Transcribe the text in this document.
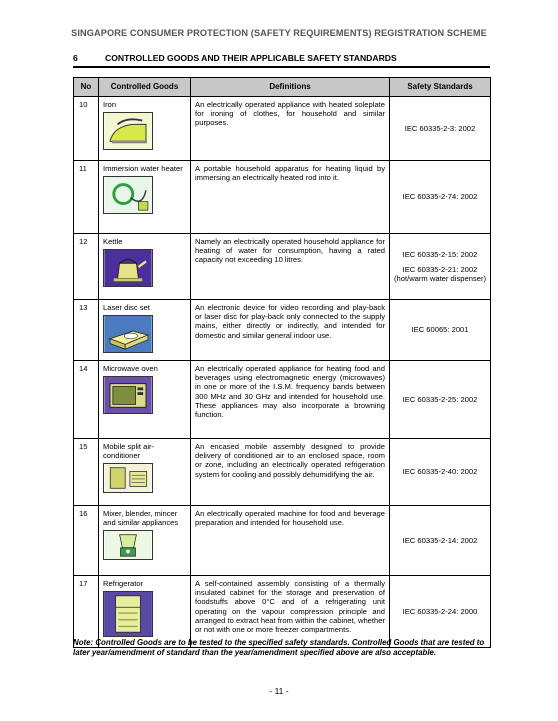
SINGAPORE CONSUMER PROTECTION (SAFETY REQUIREMENTS) REGISTRATION SCHEME
6	CONTROLLED GOODS AND THEIR APPLICABLE SAFETY STANDARDS
No	Controlled Goods	Definitions	Safety Standards
10	Iron	An electrically operated appliance with heated soleplate for ironing of clothes, for household and similar purposes.	IEC 60335-2-3: 2002

11	Immersion water heater	A portable household apparatus for heating liquid by immersing an electrically heated rod into it.	IEC 60335-2-74: 2002

12	Kettle	Namely an electrically operated household appliance for heating of water for consumption, having a rated capacity not exceeding 10 litres.	IEC 60335-2-15: 2002
IEC 60335-2-21: 2002 (hot/warm water dispenser)

13	Laser disc set	An electronic device for video recording and play-back or laser disc for play-back only connected to the supply mains, either directly or indirectly, and intended for domestic and similar general indoor use.	IEC 60065: 2001

14	Microwave oven	An electrically operated appliance for heating food and beverages using electromagnetic energy (microwaves) in one or more of the I.S.M. frequency bands between 300 MHz and 30 GHz and intended for household use. These appliances may also incorporate a browning function.	IEC 60335-2-25: 2002

15	Mobile split air-conditioner	An encased mobile assembly designed to provide delivery of conditioned air to an enclosed space, room or zone, including an electrically operated refrigeration system for cooling and possibly dehumidifying the air.	IEC 60335-2-40: 2002

16	Mixer, blender, mincer and similar appliances	An electrically operated machine for food and beverage preparation and intended for household use.	IEC 60335-2-14: 2002

17	Refrigerator	A self-contained assembly consisting of a thermally insulated cabinet for the storage and preservation of foodstuffs above 0°C and of a refrigerating unit operating on the vapour compression principle and arranged to extract heat from within the cabinet, whether or not with one or more freezer compartments.	IEC 60335-2-24: 2000
Note: Controlled Goods are to be tested to the specified safety standards. Controlled Goods that are tested to later year/amendment of standard than the year/amendment specified above are also acceptable.
- 11 -
